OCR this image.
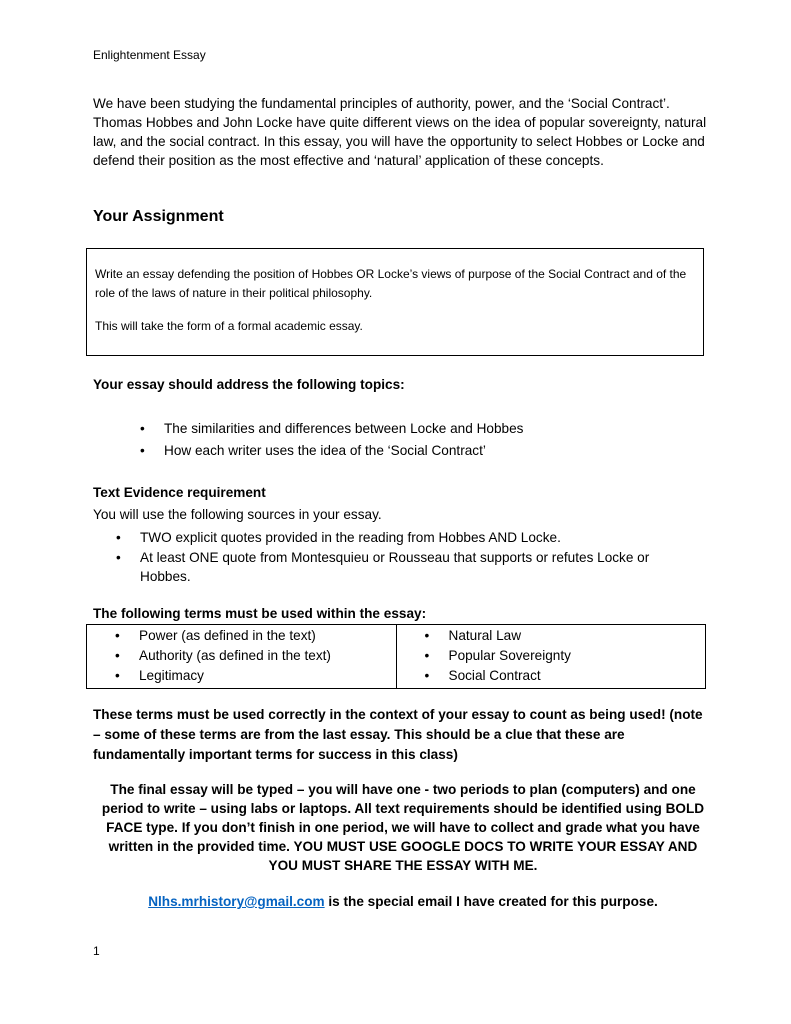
Enlightenment Essay
We have been studying the fundamental principles of authority, power, and the ‘Social Contract’. Thomas Hobbes and John Locke have quite different views on the idea of popular sovereignty, natural law, and the social contract. In this essay, you will have the opportunity to select Hobbes or Locke and defend their position as the most effective and ‘natural’ application of these concepts.
Your Assignment

Write an essay defending the position of Hobbes OR Locke’s views of purpose of the Social Contract and of the role of the laws of nature in their political philosophy.

This will take the form of a formal academic essay.

Your essay should address the following topics:
• The similarities and differences between Locke and Hobbes
• How each writer uses the idea of the ‘Social Contract’
Text Evidence requirement
You will use the following sources in your essay.
• TWO explicit quotes provided in the reading from Hobbes AND Locke.
• At least ONE quote from Montesquieu or Rousseau that supports or refutes Locke or Hobbes.
The following terms must be used within the essay:
• Power (as defined in the text)
• Authority (as defined in the text)
• Legitimacy

• Natural Law
• Popular Sovereignty
• Social Contract
These terms must be used correctly in the context of your essay to count as being used! (note – some of these terms are from the last essay. This should be a clue that these are fundamentally important terms for success in this class)
The final essay will be typed – you will have one - two periods to plan (computers) and one period to write – using labs or laptops. All text requirements should be identified using BOLD FACE type. If you don’t finish in one period, we will have to collect and grade what you have written in the provided time. YOU MUST USE GOOGLE DOCS TO WRITE YOUR ESSAY AND YOU MUST SHARE THE ESSAY WITH ME.
Nlhs.mrhistory@gmail.com is the special email I have created for this purpose.
1
